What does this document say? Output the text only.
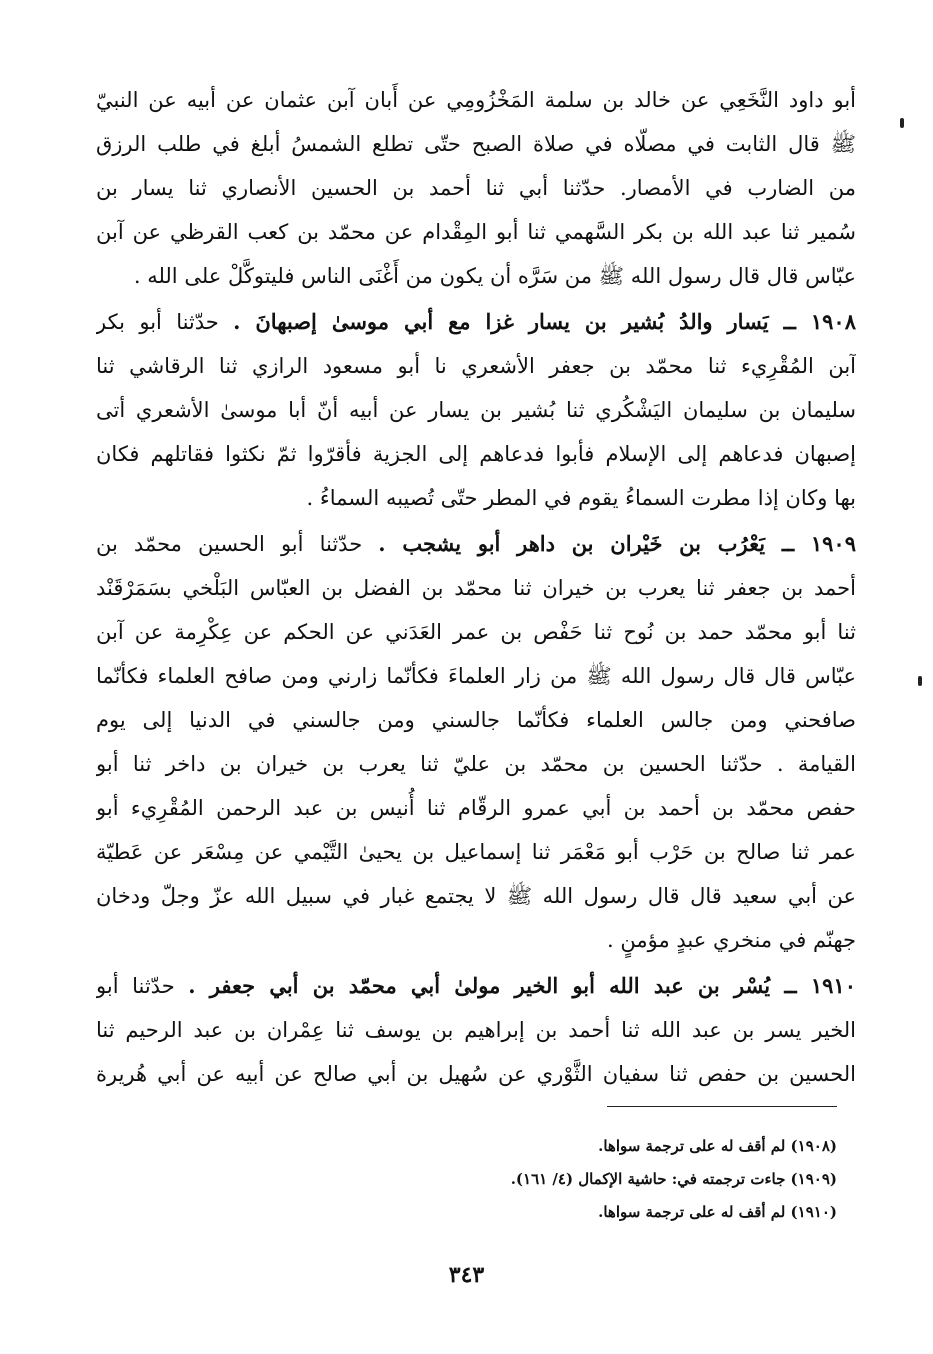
أبو داود النَّخَعِي عن خالد بن سلمة المَخْزُومِي عن أَبان آبن عثمان عن أبيه عن النبيّ
ﷺ قال الثابت في مصلّاه في صلاة الصبح حتّى تطلع الشمسُ أبلغ في طلب الرزق
من الضارب في الأمصار. حدّثنا أبي ثنا أحمد بن الحسين الأنصاري ثنا يسار بن
سُمير ثنا عبد الله بن بكر السَّهمي ثنا أبو المِقْدام عن محمّد بن كعب القرظي عن آبن
عبّاس قال قال رسول الله ﷺ من سَرَّه أن يكون من أَغْنَى الناس فليتوكَّلْ على الله .
١٩٠٨ ــ يَسار والدُ بُشير بن يسار غزا مع أبي موسىٰ إصبهانَ . حدّثنا أبو بكر
آبن المُقْرِيء ثنا محمّد بن جعفر الأشعري نا أبو مسعود الرازي ثنا الرقاشي ثنا
سليمان بن سليمان اليَشْكُري ثنا بُشير بن يسار عن أبيه أنّ أبا موسىٰ الأشعري أتى
إصبهان فدعاهم إلى الإسلام فأبوا فدعاهم إلى الجزية فأقرّوا ثمّ نكثوا فقاتلهم فكان
بها وكان إذا مطرت السماءُ يقوم في المطر حتّى تُصيبه السماءُ .
١٩٠٩ ــ يَعْرُب بن خَيْران بن داهر أبو يشجب . حدّثنا أبو الحسين محمّد بن
أحمد بن جعفر ثنا يعرب بن خيران ثنا محمّد بن الفضل بن العبّاس البَلْخي بسَمَرْقَنْد
ثنا أبو محمّد حمد بن نُوح ثنا حَفْص بن عمر العَدَني عن الحكم عن عِكْرِمة عن آبن
عبّاس قال قال رسول الله ﷺ من زار العلماءَ فكأنّما زارني ومن صافح العلماء فكأنّما
صافحني ومن جالس العلماء فكأنّما جالسني ومن جالسني في الدنيا إلى يوم
القيامة . حدّثنا الحسين بن محمّد بن عليّ ثنا يعرب بن خيران بن داخر ثنا أبو
حفص محمّد بن أحمد بن أبي عمرو الرقّام ثنا أُنيس بن عبد الرحمن المُقْرِيء أبو
عمر ثنا صالح بن حَرْب أبو مَعْمَر ثنا إسماعيل بن يحيىٰ التَّيْمي عن مِسْعَر عن عَطيّة
عن أبي سعيد قال قال رسول الله ﷺ لا يجتمع غبار في سبيل الله عزّ وجلّ ودخان
جهنّم في منخري عبدٍ مؤمنٍ .
١٩١٠ ــ يُسْر بن عبد الله أبو الخير مولىٰ أبي محمّد بن أبي جعفر . حدّثنا أبو
الخير يسر بن عبد الله ثنا أحمد بن إبراهيم بن يوسف ثنا عِمْران بن عبد الرحيم ثنا
الحسين بن حفص ثنا سفيان الثَّوْري عن سُهيل بن أبي صالح عن أبيه عن أبي هُريرة
(١٩٠٨) لم أقف له على ترجمة سواها.
(١٩٠٩) جاءت ترجمته في: حاشية الإكمال (٤/ ١٦١).
(١٩١٠) لم أقف له على ترجمة سواها.
٣٤٣
